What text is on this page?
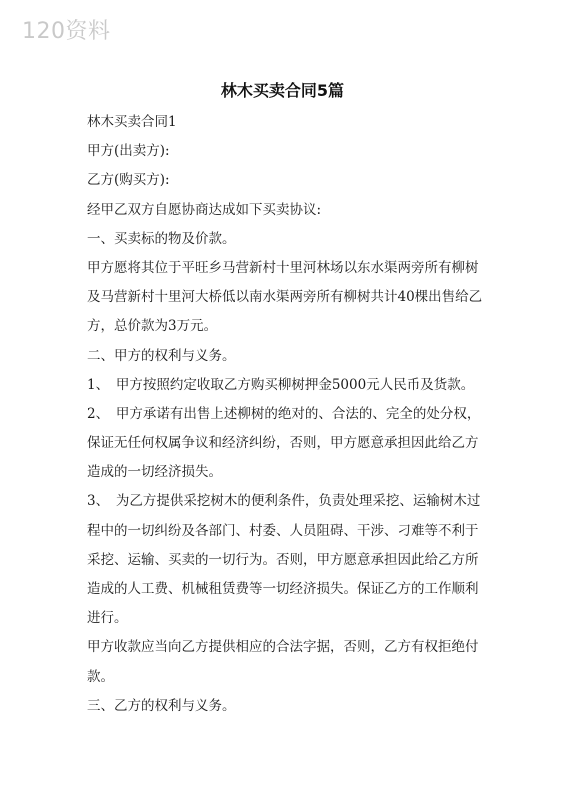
120资料
林木买卖合同5篇
林木买卖合同1
甲方(出卖方):
乙方(购买方):
经甲乙双方自愿协商达成如下买卖协议:
一、买卖标的物及价款。
甲方愿将其位于平旺乡马营新村十里河林场以东水渠两旁所有柳树
及马营新村十里河大桥低以南水渠两旁所有柳树共计40棵出售给乙
方，总价款为3万元。
二、甲方的权利与义务。
1、　甲方按照约定收取乙方购买柳树押金5000元人民币及货款。
2、　甲方承诺有出售上述柳树的绝对的、合法的、完全的处分权，
保证无任何权属争议和经济纠纷，否则，甲方愿意承担因此给乙方
造成的一切经济损失。
3、　为乙方提供采挖树木的便利条件，负责处理采挖、运输树木过
程中的一切纠纷及各部门、村委、人员阻碍、干涉、刁难等不利于
采挖、运输、买卖的一切行为。否则，甲方愿意承担因此给乙方所
造成的人工费、机械租赁费等一切经济损失。保证乙方的工作顺利
进行。
甲方收款应当向乙方提供相应的合法字据，否则，乙方有权拒绝付
款。
三、乙方的权利与义务。
